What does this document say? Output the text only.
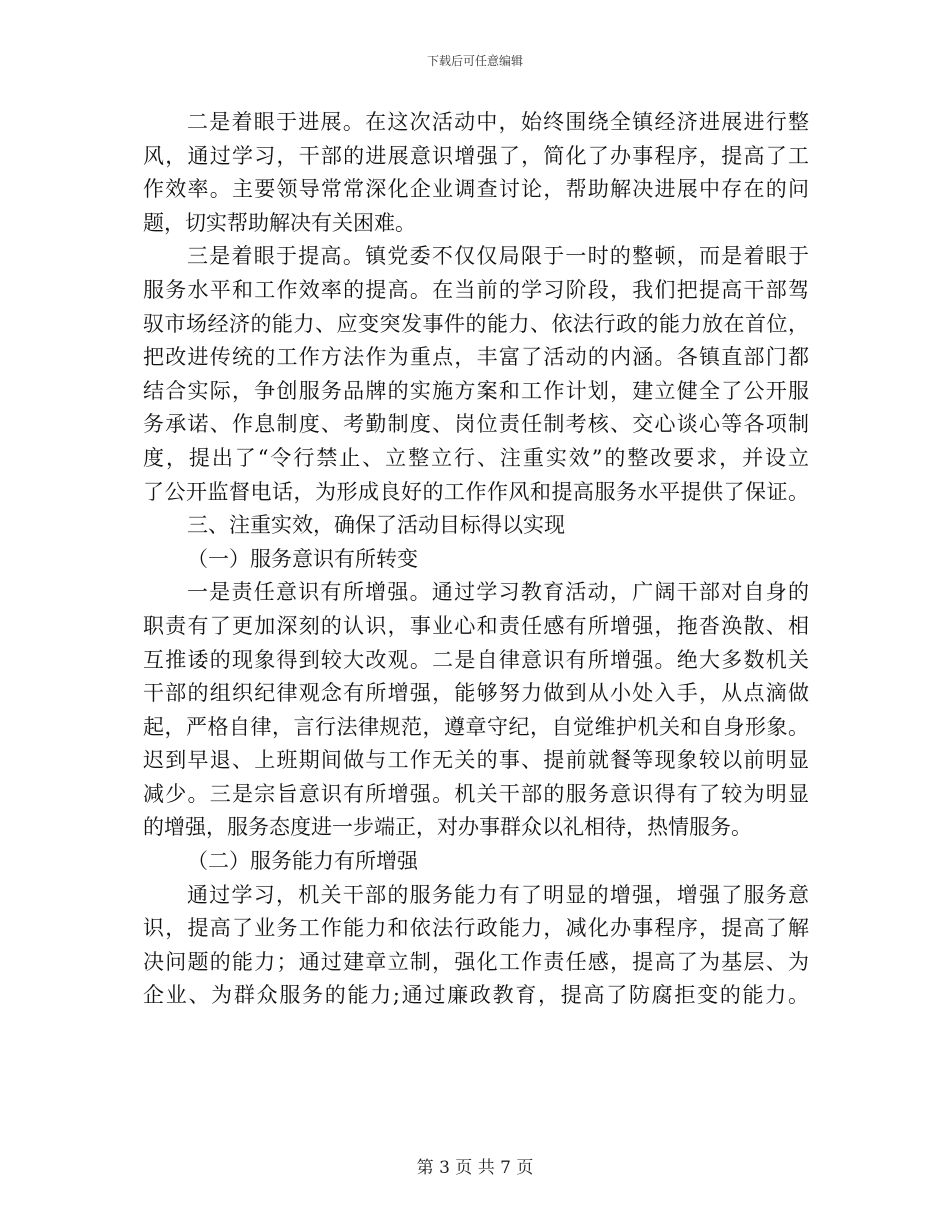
下载后可任意编辑
二是着眼于进展。在这次活动中，始终围绕全镇经济进展进行整
风，通过学习，干部的进展意识增强了，简化了办事程序，提高了工
作效率。主要领导常常深化企业调查讨论，帮助解决进展中存在的问
题，切实帮助解决有关困难。
三是着眼于提高。镇党委不仅仅局限于一时的整顿，而是着眼于
服务水平和工作效率的提高。在当前的学习阶段，我们把提高干部驾
驭市场经济的能力、应变突发事件的能力、依法行政的能力放在首位，
把改进传统的工作方法作为重点，丰富了活动的内涵。各镇直部门都
结合实际，争创服务品牌的实施方案和工作计划，建立健全了公开服
务承诺、作息制度、考勤制度、岗位责任制考核、交心谈心等各项制
度，提出了“令行禁止、立整立行、注重实效”的整改要求，并设立
了公开监督电话，为形成良好的工作作风和提高服务水平提供了保证。
三、注重实效，确保了活动目标得以实现
（一）服务意识有所转变
一是责任意识有所增强。通过学习教育活动，广阔干部对自身的
职责有了更加深刻的认识，事业心和责任感有所增强，拖沓涣散、相
互推诿的现象得到较大改观。二是自律意识有所增强。绝大多数机关
干部的组织纪律观念有所增强，能够努力做到从小处入手，从点滴做
起，严格自律，言行法律规范，遵章守纪，自觉维护机关和自身形象。
迟到早退、上班期间做与工作无关的事、提前就餐等现象较以前明显
减少。三是宗旨意识有所增强。机关干部的服务意识得有了较为明显
的增强，服务态度进一步端正，对办事群众以礼相待，热情服务。
（二）服务能力有所增强
通过学习，机关干部的服务能力有了明显的增强，增强了服务意
识，提高了业务工作能力和依法行政能力，减化办事程序，提高了解
决问题的能力；通过建章立制，强化工作责任感，提高了为基层、为
企业、为群众服务的能力;通过廉政教育，提高了防腐拒变的能力。
第 3 页 共 7 页
